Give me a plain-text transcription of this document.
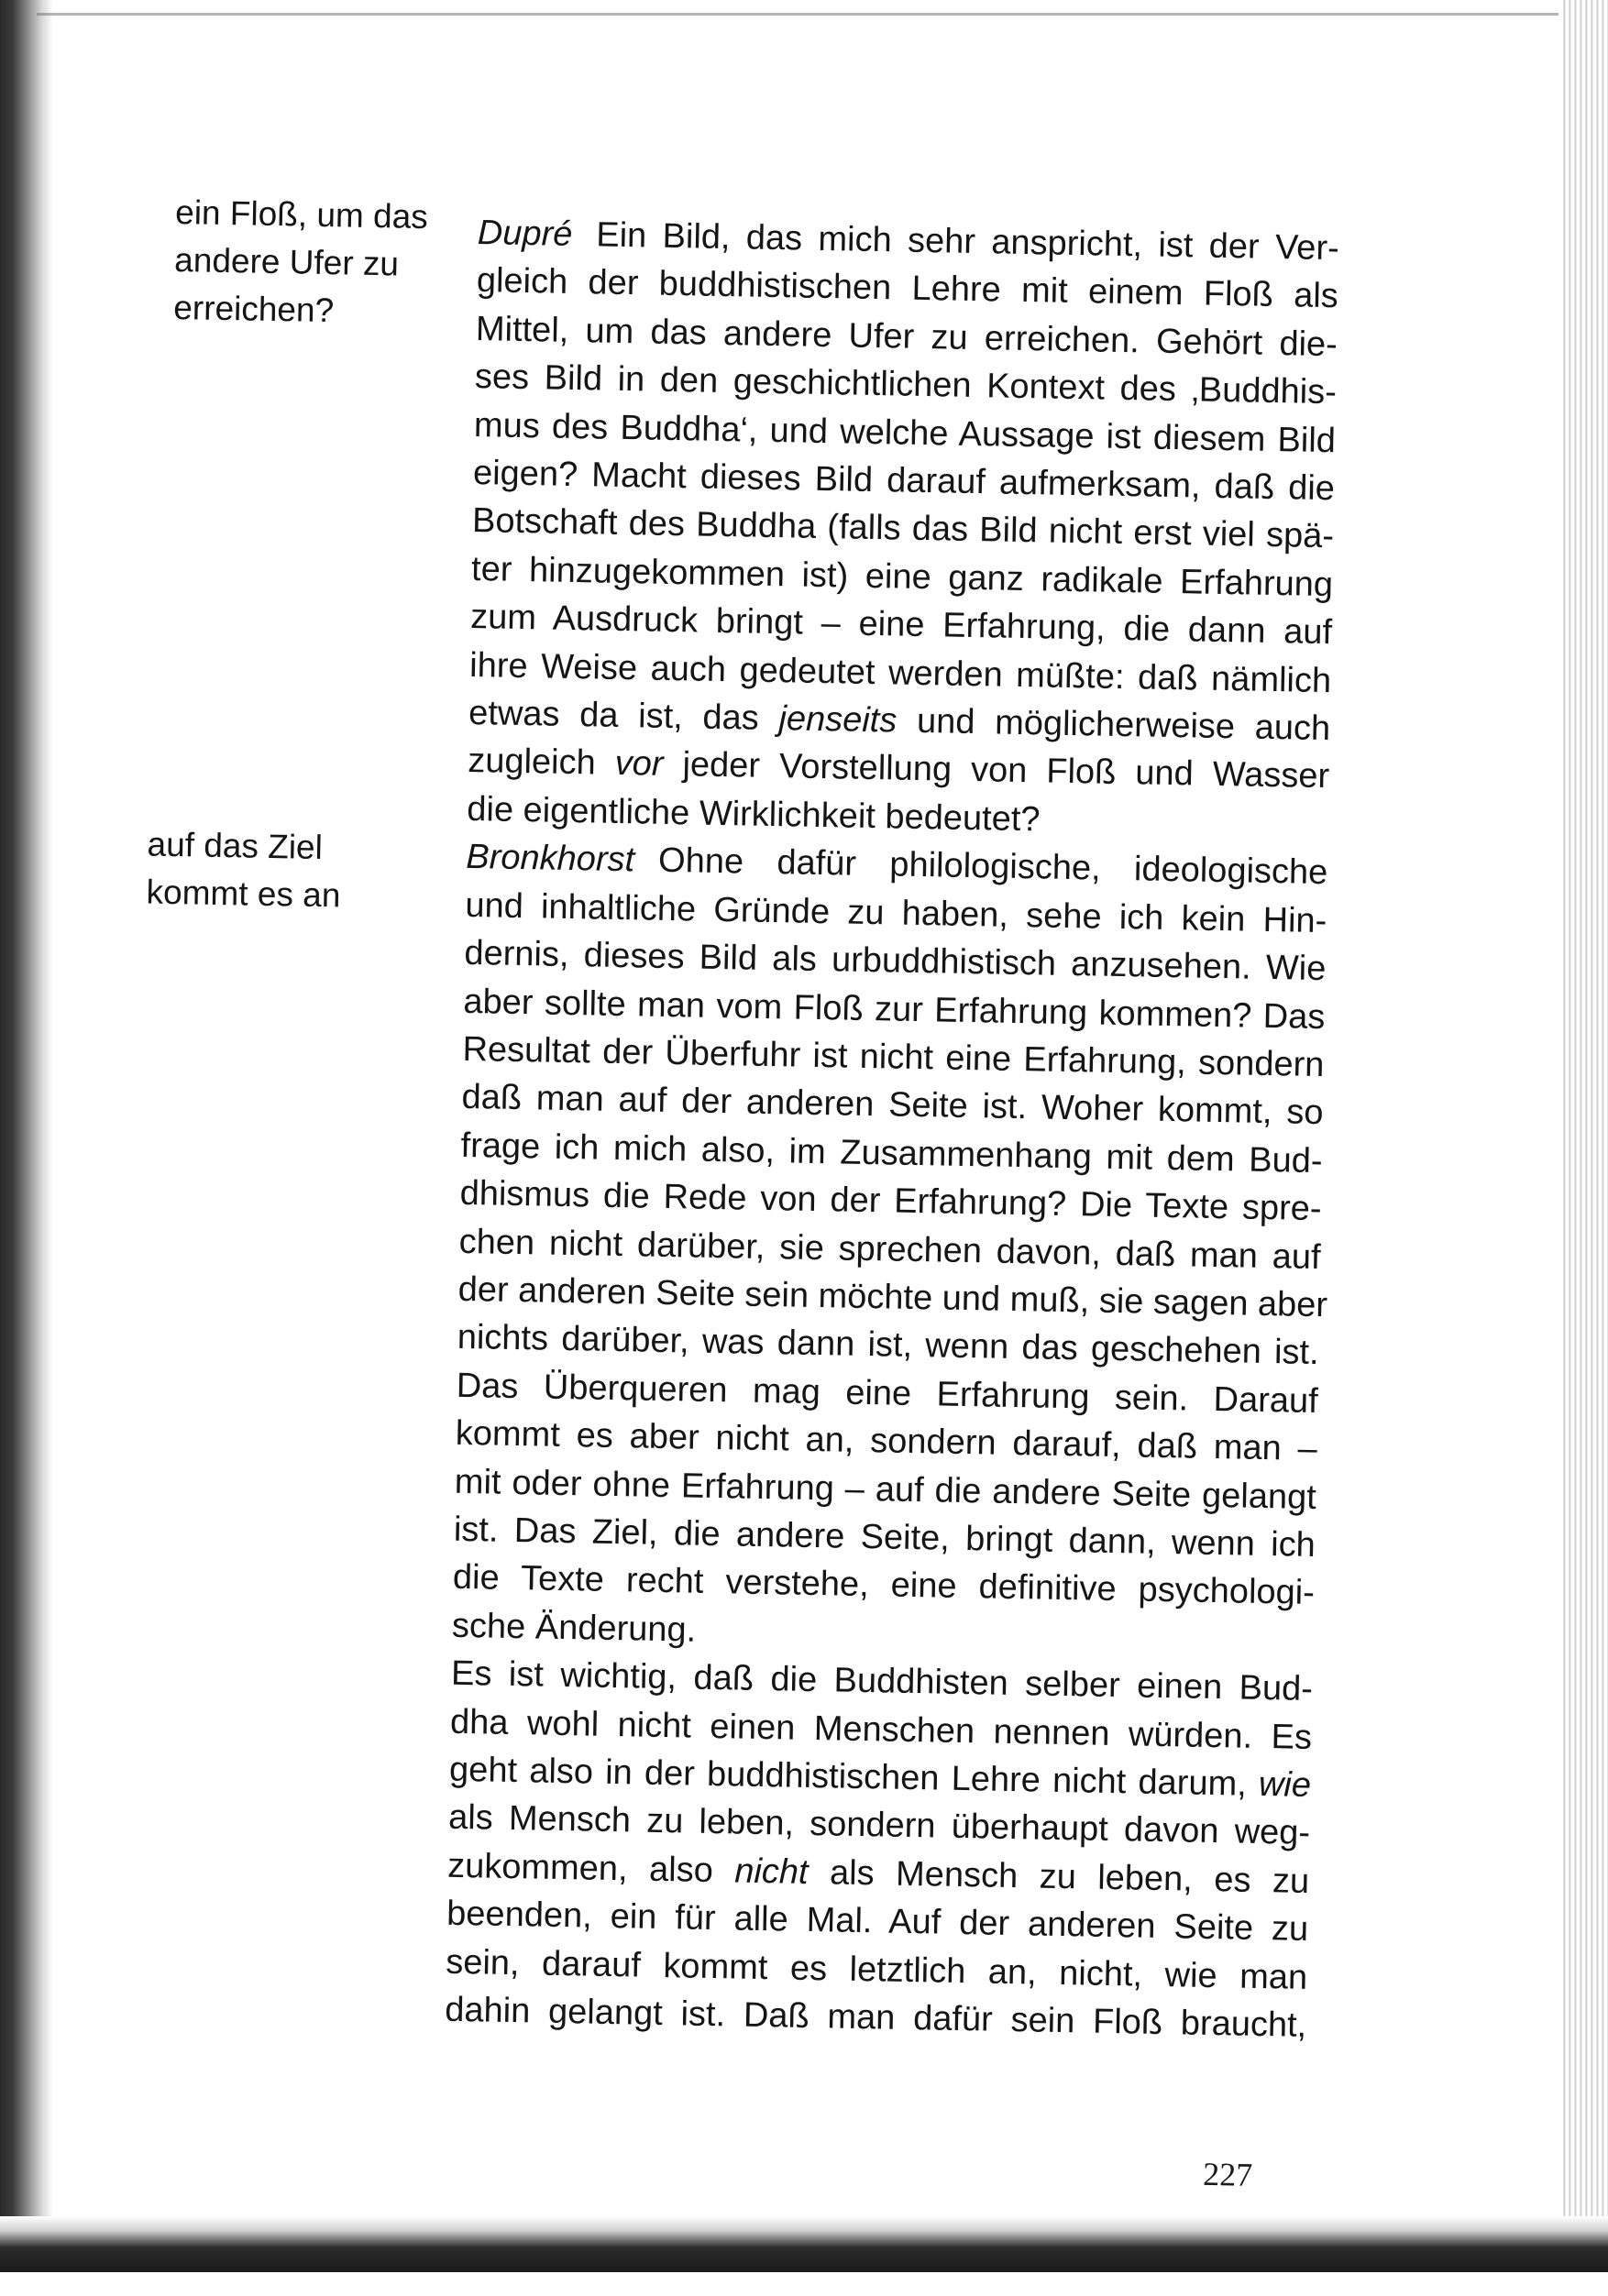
ein Floß, um das
andere Ufer zu
erreichen?
auf das Ziel
kommt es an
Dupré Ein Bild, das mich sehr anspricht, ist der Ver-
gleich der buddhistischen Lehre mit einem Floß als
Mittel, um das andere Ufer zu erreichen. Gehört die-
ses Bild in den geschichtlichen Kontext des ‚Buddhis-
mus des Buddha‘, und welche Aussage ist diesem Bild
eigen? Macht dieses Bild darauf aufmerksam, daß die
Botschaft des Buddha (falls das Bild nicht erst viel spä-
ter hinzugekommen ist) eine ganz radikale Erfahrung
zum Ausdruck bringt – eine Erfahrung, die dann auf
ihre Weise auch gedeutet werden müßte: daß nämlich
etwas da ist, das jenseits und möglicherweise auch
zugleich vor jeder Vorstellung von Floß und Wasser
die eigentliche Wirklichkeit bedeutet?
Bronkhorst Ohne dafür philologische, ideologische
und inhaltliche Gründe zu haben, sehe ich kein Hin-
dernis, dieses Bild als urbuddhistisch anzusehen. Wie
aber sollte man vom Floß zur Erfahrung kommen? Das
Resultat der Überfuhr ist nicht eine Erfahrung, sondern
daß man auf der anderen Seite ist. Woher kommt, so
frage ich mich also, im Zusammenhang mit dem Bud-
dhismus die Rede von der Erfahrung? Die Texte spre-
chen nicht darüber, sie sprechen davon, daß man auf
der anderen Seite sein möchte und muß, sie sagen aber
nichts darüber, was dann ist, wenn das geschehen ist.
Das Überqueren mag eine Erfahrung sein. Darauf
kommt es aber nicht an, sondern darauf, daß man –
mit oder ohne Erfahrung – auf die andere Seite gelangt
ist. Das Ziel, die andere Seite, bringt dann, wenn ich
die Texte recht verstehe, eine definitive psychologi-
sche Änderung.
Es ist wichtig, daß die Buddhisten selber einen Bud-
dha wohl nicht einen Menschen nennen würden. Es
geht also in der buddhistischen Lehre nicht darum, wie
als Mensch zu leben, sondern überhaupt davon weg-
zukommen, also nicht als Mensch zu leben, es zu
beenden, ein für alle Mal. Auf der anderen Seite zu
sein, darauf kommt es letztlich an, nicht, wie man
dahin gelangt ist. Daß man dafür sein Floß braucht,
227
